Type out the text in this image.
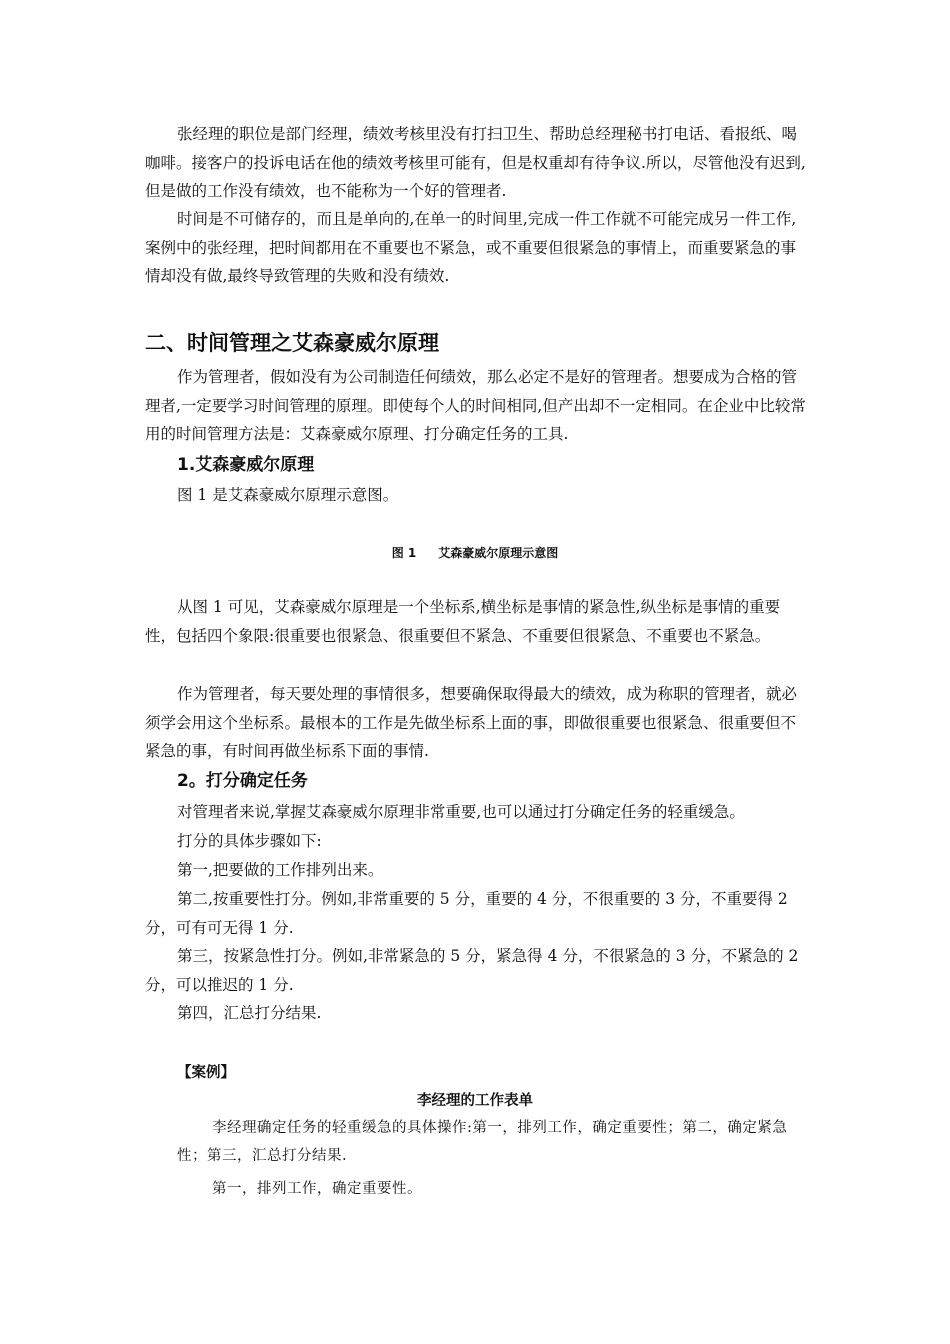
张经理的职位是部门经理，绩效考核里没有打扫卫生、帮助总经理秘书打电话、看报纸、喝咖啡。接客户的投诉电话在他的绩效考核里可能有，但是权重却有待争议.所以，尽管他没有迟到,但是做的工作没有绩效，也不能称为一个好的管理者.

时间是不可储存的，而且是单向的,在单一的时间里,完成一件工作就不可能完成另一件工作,案例中的张经理，把时间都用在不重要也不紧急，或不重要但很紧急的事情上，而重要紧急的事情却没有做,最终导致管理的失败和没有绩效.

二、时间管理之艾森豪威尔原理

作为管理者，假如没有为公司制造任何绩效，那么必定不是好的管理者。想要成为合格的管理者,一定要学习时间管理的原理。即使每个人的时间相同,但产出却不一定相同。在企业中比较常用的时间管理方法是：艾森豪威尔原理、打分确定任务的工具.

1.艾森豪威尔原理

图 1 是艾森豪威尔原理示意图。

图 1 艾森豪威尔原理示意图

从图 1 可见，艾森豪威尔原理是一个坐标系,横坐标是事情的紧急性,纵坐标是事情的重要性，包括四个象限:很重要也很紧急、很重要但不紧急、不重要但很紧急、不重要也不紧急。

作为管理者，每天要处理的事情很多，想要确保取得最大的绩效，成为称职的管理者，就必须学会用这个坐标系。最根本的工作是先做坐标系上面的事，即做很重要也很紧急、很重要但不紧急的事，有时间再做坐标系下面的事情.

2。打分确定任务

对管理者来说,掌握艾森豪威尔原理非常重要,也可以通过打分确定任务的轻重缓急。

打分的具体步骤如下:

第一,把要做的工作排列出来。

第二,按重要性打分。例如,非常重要的 5 分，重要的 4 分，不很重要的 3 分，不重要得 2 分，可有可无得 1 分.

第三，按紧急性打分。例如,非常紧急的 5 分，紧急得 4 分，不很紧急的 3 分，不紧急的 2 分，可以推迟的 1 分.

第四，汇总打分结果.

【案例】
李经理的工作表单

李经理确定任务的轻重缓急的具体操作:第一，排列工作，确定重要性；第二，确定紧急性；第三，汇总打分结果.

第一，排列工作，确定重要性。
